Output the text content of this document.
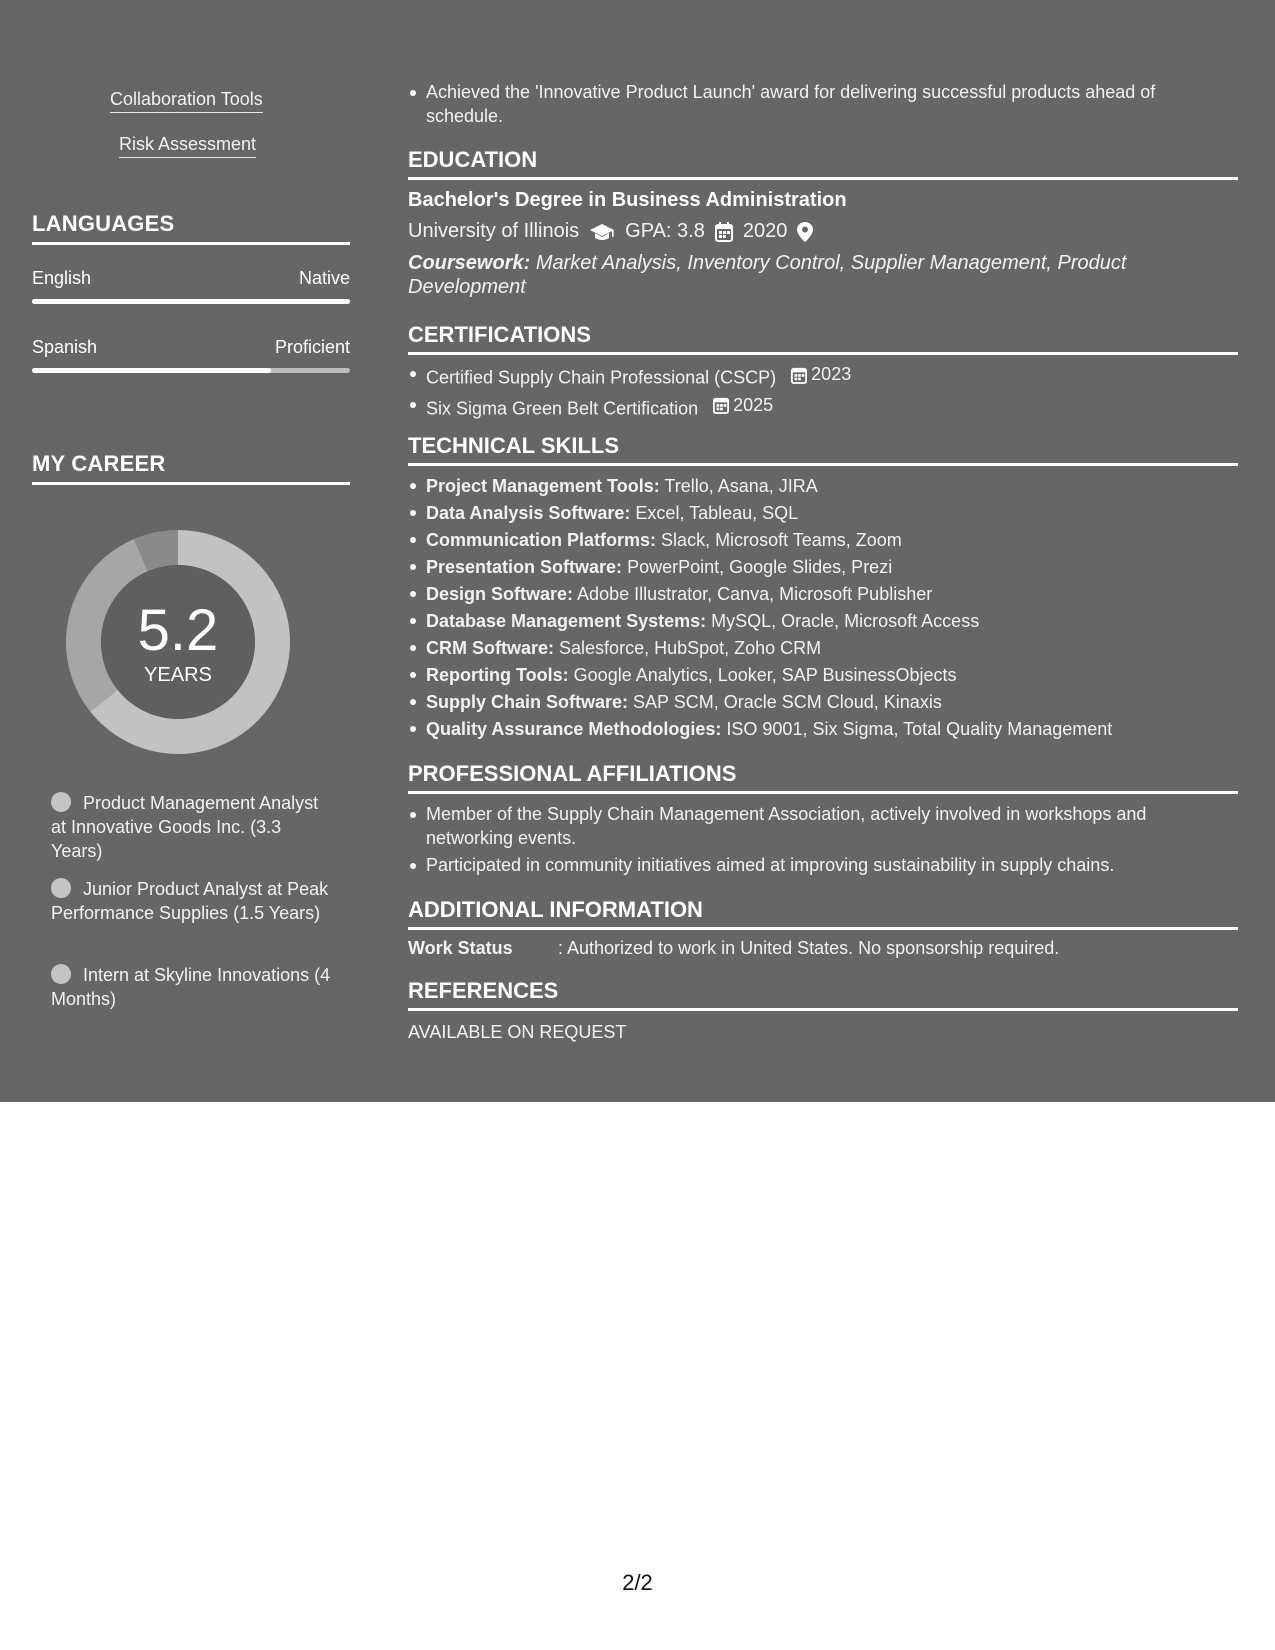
Collaboration Tools
Risk Assessment
LANGUAGES
English	Native
Spanish	Proficient
MY CAREER
5.2
YEARS
Product Management Analyst at Innovative Goods Inc. (3.3 Years)
Junior Product Analyst at Peak Performance Supplies (1.5 Years)
Intern at Skyline Innovations (4 Months)
Achieved the 'Innovative Product Launch' award for delivering successful products ahead of schedule.
EDUCATION
Bachelor's Degree in Business Administration
University of Illinois GPA: 3.8 2020
Coursework: Market Analysis, Inventory Control, Supplier Management, Product Development
CERTIFICATIONS
Certified Supply Chain Professional (CSCP) 2023
Six Sigma Green Belt Certification 2025
TECHNICAL SKILLS
Project Management Tools: Trello, Asana, JIRA
Data Analysis Software: Excel, Tableau, SQL
Communication Platforms: Slack, Microsoft Teams, Zoom
Presentation Software: PowerPoint, Google Slides, Prezi
Design Software: Adobe Illustrator, Canva, Microsoft Publisher
Database Management Systems: MySQL, Oracle, Microsoft Access
CRM Software: Salesforce, HubSpot, Zoho CRM
Reporting Tools: Google Analytics, Looker, SAP BusinessObjects
Supply Chain Software: SAP SCM, Oracle SCM Cloud, Kinaxis
Quality Assurance Methodologies: ISO 9001, Six Sigma, Total Quality Management
PROFESSIONAL AFFILIATIONS
Member of the Supply Chain Management Association, actively involved in workshops and networking events.
Participated in community initiatives aimed at improving sustainability in supply chains.
ADDITIONAL INFORMATION
Work Status	: Authorized to work in United States. No sponsorship required.
REFERENCES
AVAILABLE ON REQUEST
2/2
